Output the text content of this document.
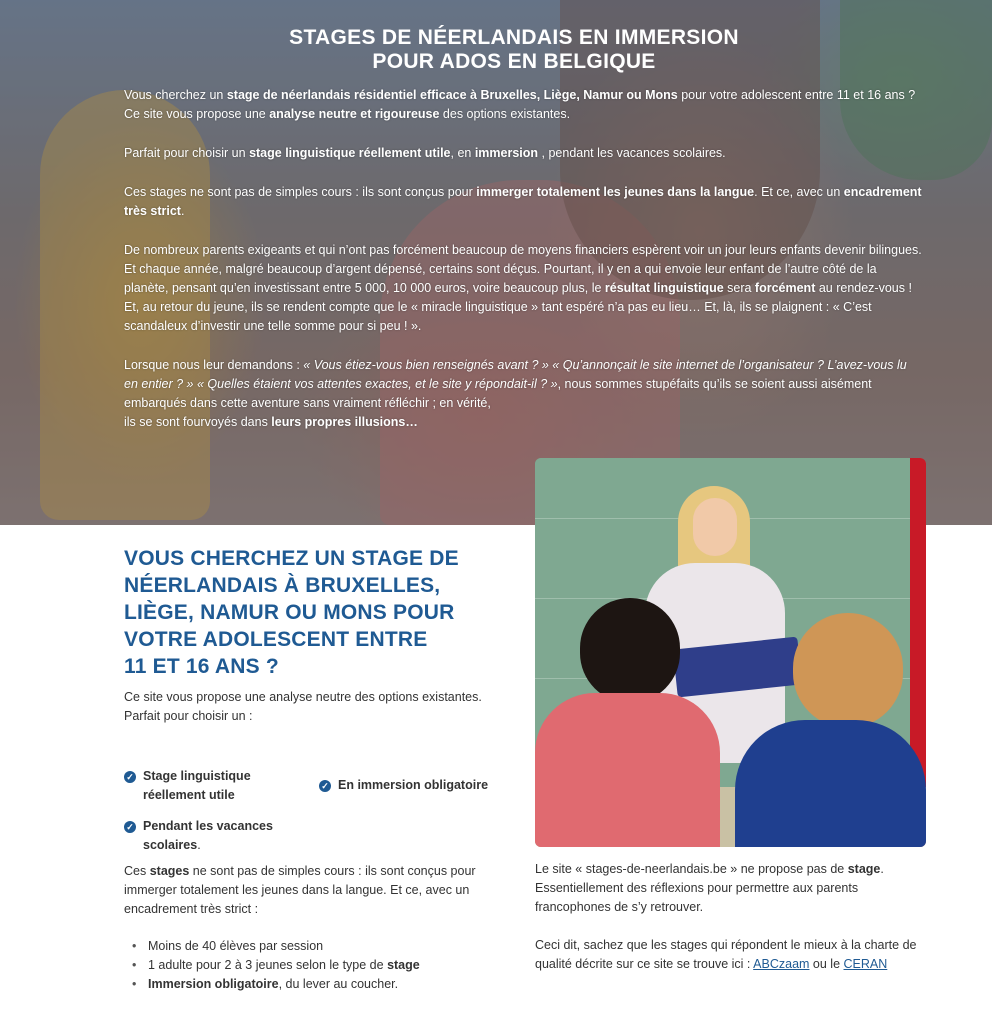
STAGES DE NÉERLANDAIS EN IMMERSION
POUR ADOS EN BELGIQUE

Vous cherchez un stage de néerlandais résidentiel efficace à Bruxelles, Liège, Namur ou Mons pour votre adolescent entre 11 et 16 ans ? Ce site vous propose une analyse neutre et rigoureuse des options existantes.

Parfait pour choisir un stage linguistique réellement utile, en immersion , pendant les vacances scolaires.

Ces stages ne sont pas de simples cours : ils sont conçus pour immerger totalement les jeunes dans la langue. Et ce, avec un encadrement très strict.

De nombreux parents exigeants et qui n’ont pas forcément beaucoup de moyens financiers espèrent voir un jour leurs enfants devenir bilingues. Et chaque année, malgré beaucoup d’argent dépensé, certains sont déçus. Pourtant, il y en a qui envoie leur enfant de l’autre côté de la planète, pensant qu’en investissant entre 5 000, 10 000 euros, voire beaucoup plus, le résultat linguistique sera forcément au rendez-vous ! Et, au retour du jeune, ils se rendent compte que le « miracle linguistique » tant espéré n’a pas eu lieu… Et, là, ils se plaignent : « C’est scandaleux d’investir une telle somme pour si peu ! ».

Lorsque nous leur demandons : « Vous étiez-vous bien renseignés avant ? » « Qu’annonçait le site internet de l’organisateur ? L’avez-vous lu en entier ? » « Quelles étaient vos attentes exactes, et le site y répondait-il ? », nous sommes stupéfaits qu’ils se soient aussi aisément embarqués dans cette aventure sans vraiment réfléchir ; en vérité,
ils se sont fourvoyés dans leurs propres illusions…

VOUS CHERCHEZ UN STAGE DE NÉERLANDAIS À BRUXELLES, LIÈGE, NAMUR OU MONS POUR VOTRE ADOLESCENT ENTRE
11 ET 16 ANS ?
Ce site vous propose une analyse neutre des options existantes.
Parfait pour choisir un :
✓ Stage linguistique réellement utile
✓ En immersion obligatoire
✓ Pendant les vacances scolaires.

Ces stages ne sont pas de simples cours : ils sont conçus pour immerger totalement les jeunes dans la langue. Et ce, avec un encadrement très strict :

• Moins de 40 élèves par session
• 1 adulte pour 2 à 3 jeunes selon le type de stage
• Immersion obligatoire, du lever au coucher.

Le site « stages-de-neerlandais.be » ne propose pas de stage. Essentiellement des réflexions pour permettre aux parents francophones de s’y retrouver.

Ceci dit, sachez que les stages qui répondent le mieux à la charte de qualité décrite sur ce site se trouve ici : ABCzaam ou le CERAN
